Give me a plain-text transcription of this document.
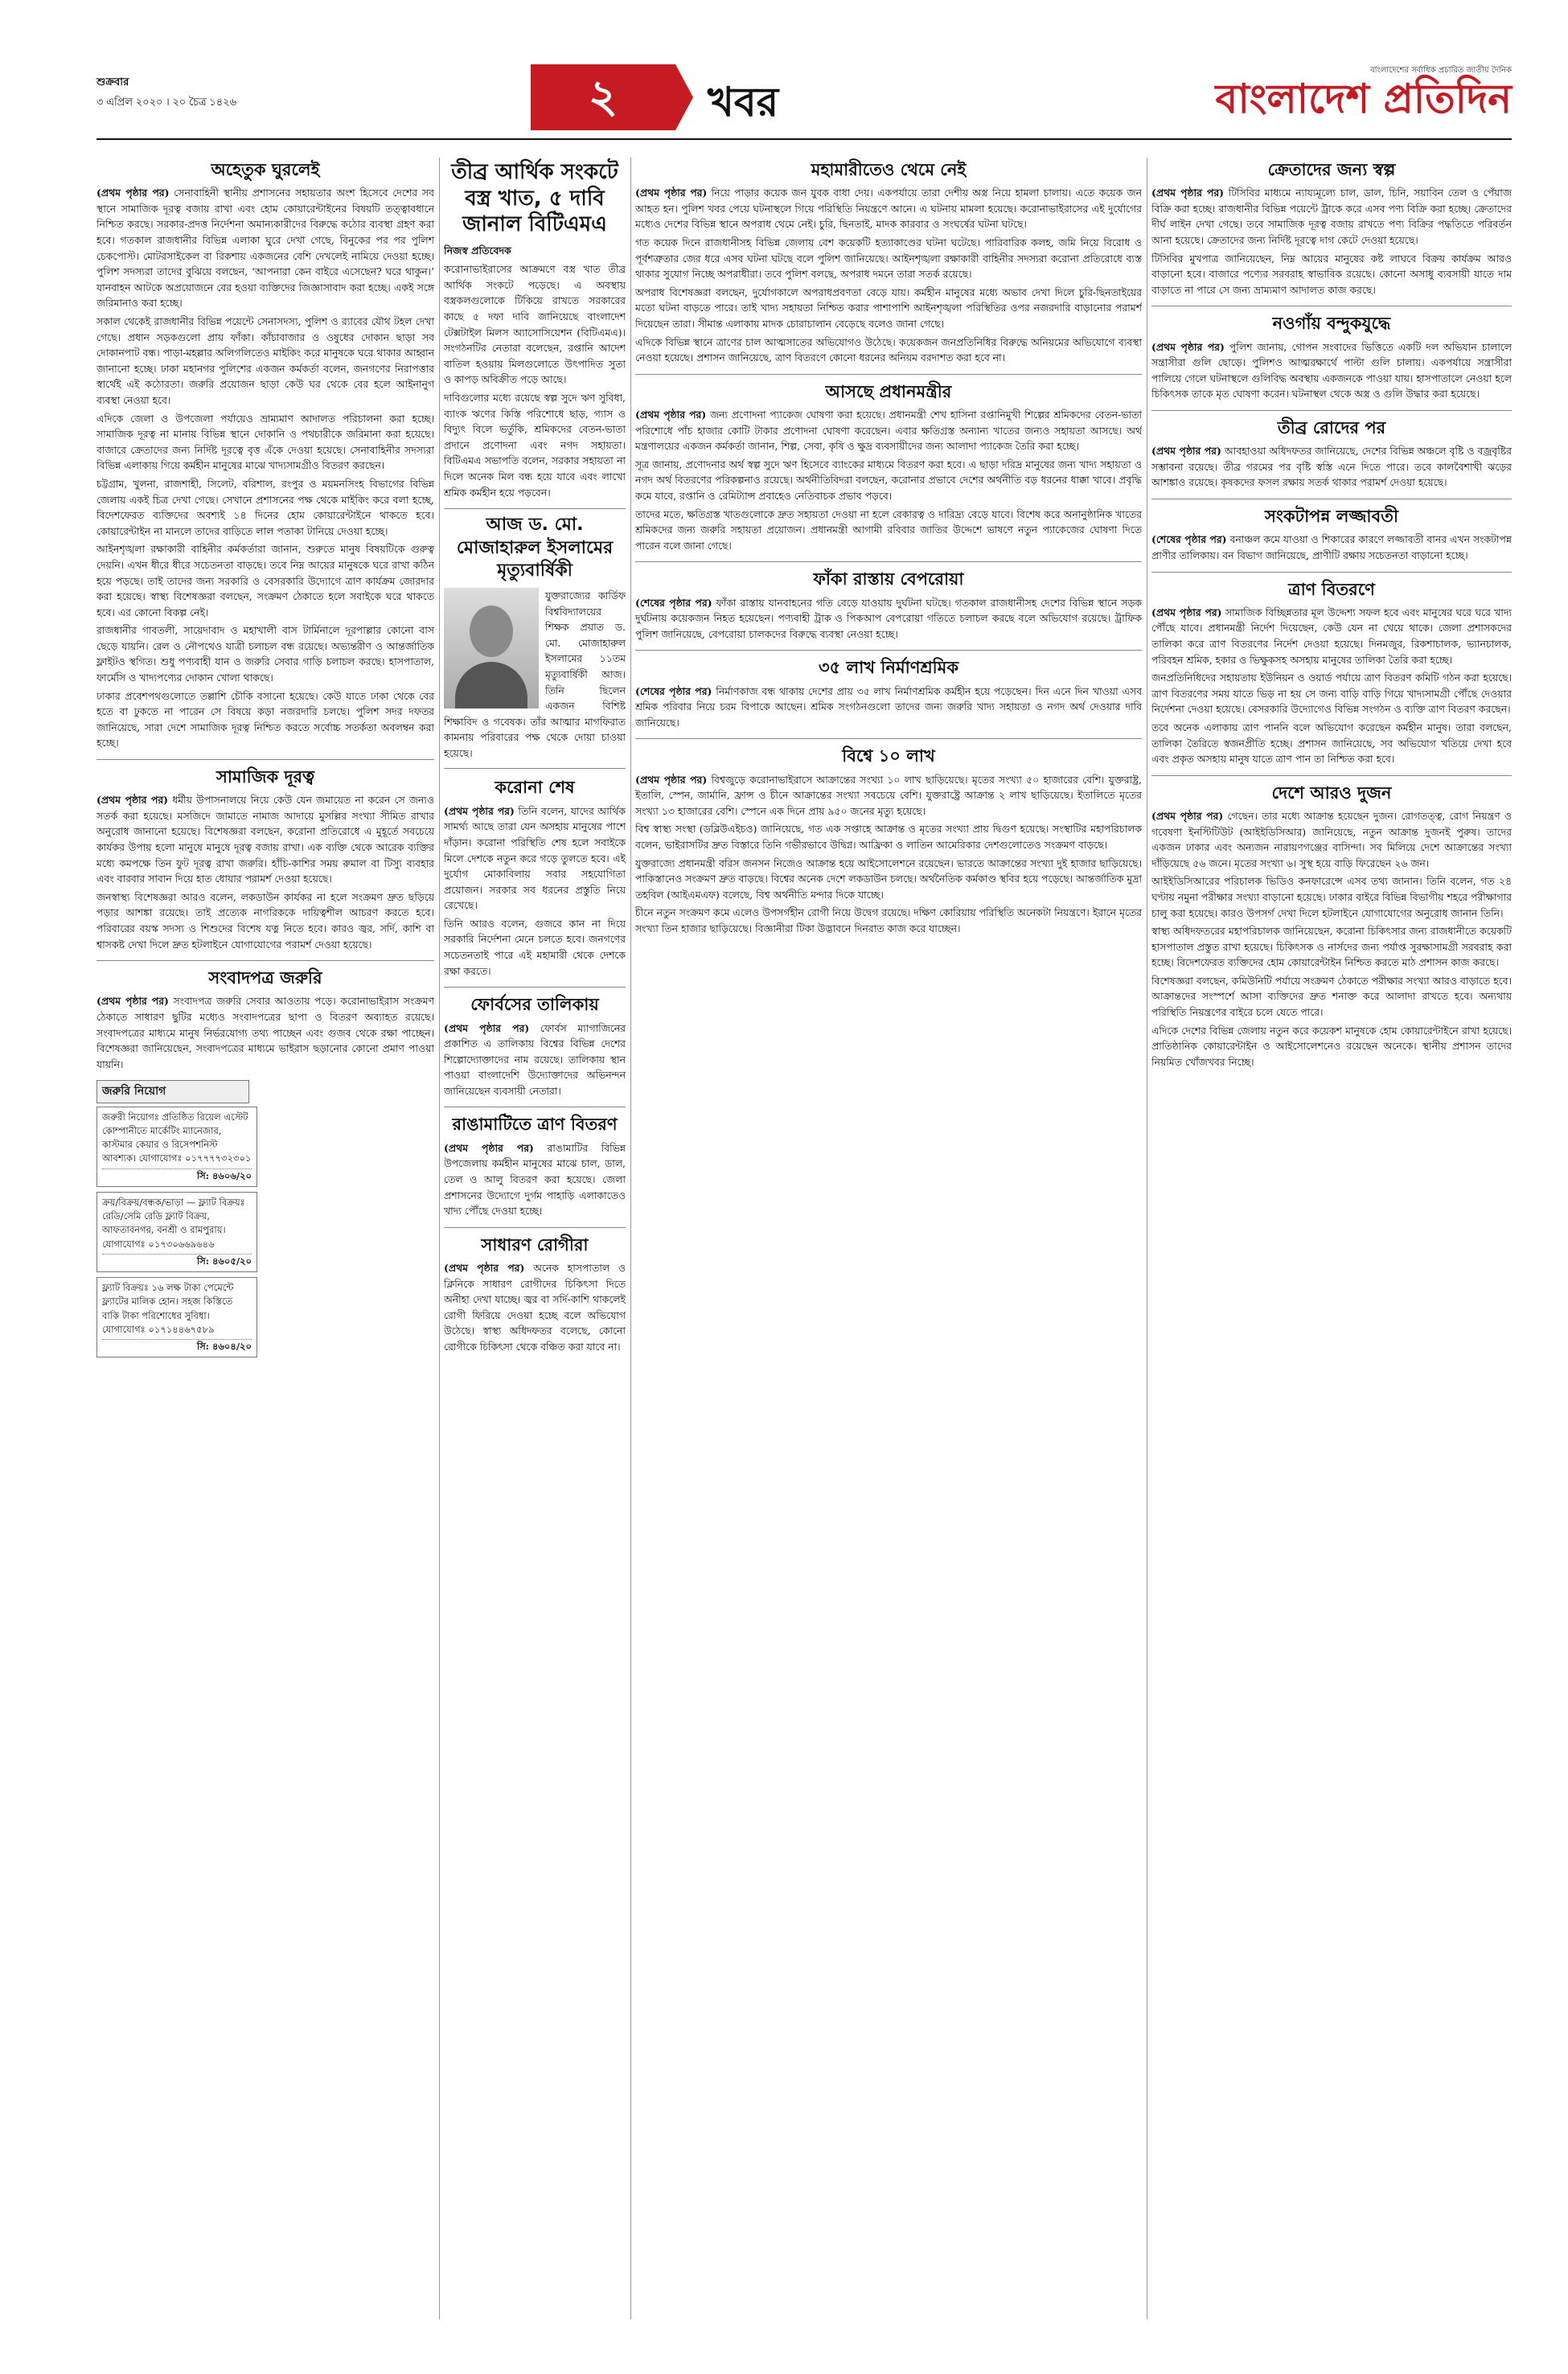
শুক্রবার
৩ এপ্রিল ২০২০ । ২০ চৈত্র ১৪২৬	২	খবর
বাংলাদেশের সর্বাধিক প্রচারিত জাতীয় দৈনিক
বাংলাদেশ প্রতিদিন
অহেতুক ঘুরলেই

(প্রথম পৃষ্ঠার পর) সেনাবাহিনী স্থানীয় প্রশাসনের সহায়তার অংশ হিসেবে দেশের সব স্থানে সামাজিক দূরত্ব বজায় রাখা এবং হোম কোয়ারেন্টাইনের বিষয়টি তত্ত্বাবধানে নিশ্চিত করছে। সরকার-প্রদত্ত নির্দেশনা অমান্যকারীদের বিরুদ্ধে কঠোর ব্যবস্থা গ্রহণ করা হবে। গতকাল রাজধানীর বিভিন্ন এলাকা ঘুরে দেখা গেছে, বিনুকের পর পর পুলিশ চেকপোস্ট। মোটরসাইকেল বা রিকশায় একজনের বেশি দেখলেই নামিয়ে দেওয়া হচ্ছে। পুলিশ সদস্যরা তাদের বুঝিয়ে বলছেন, ‘আপনারা কেন বাইরে এসেছেন? ঘরে থাকুন।’ যানবাহন আটকে অপ্রয়োজনে বের হওয়া ব্যক্তিদের জিজ্ঞাসাবাদ করা হচ্ছে। একই সঙ্গে জরিমানাও করা হচ্ছে।

সকাল থেকেই রাজধানীর বিভিন্ন পয়েন্টে সেনাসদস্য, পুলিশ ও র‌্যাবের যৌথ টহল দেখা গেছে। প্রধান সড়কগুলো প্রায় ফাঁকা। কাঁচাবাজার ও ওষুধের দোকান ছাড়া সব দোকানপাট বন্ধ। পাড়া-মহল্লার অলিগলিতেও মাইকিং করে মানুষকে ঘরে থাকার আহ্বান জানানো হচ্ছে। ঢাকা মহানগর পুলিশের একজন কর্মকর্তা বলেন, জনগণের নিরাপত্তার স্বার্থেই এই কঠোরতা। জরুরি প্রয়োজন ছাড়া কেউ ঘর থেকে বের হলে আইনানুগ ব্যবস্থা নেওয়া হবে।

এদিকে জেলা ও উপজেলা পর্যায়েও ভ্রাম্যমাণ আদালত পরিচালনা করা হচ্ছে। সামাজিক দূরত্ব না মানায় বিভিন্ন স্থানে দোকানি ও পথচারীকে জরিমানা করা হয়েছে। বাজারে ক্রেতাদের জন্য নির্দিষ্ট দূরত্বে বৃত্ত এঁকে দেওয়া হয়েছে। সেনাবাহিনীর সদস্যরা বিভিন্ন এলাকায় গিয়ে কর্মহীন মানুষের মাঝে খাদ্যসামগ্রীও বিতরণ করছেন।

চট্টগ্রাম, খুলনা, রাজশাহী, সিলেট, বরিশাল, রংপুর ও ময়মনসিংহ বিভাগের বিভিন্ন জেলায় একই চিত্র দেখা গেছে। সেখানে প্রশাসনের পক্ষ থেকে মাইকিং করে বলা হচ্ছে, বিদেশফেরত ব্যক্তিদের অবশ্যই ১৪ দিনের হোম কোয়ারেন্টাইনে থাকতে হবে। কোয়ারেন্টাইন না মানলে তাদের বাড়িতে লাল পতাকা টানিয়ে দেওয়া হচ্ছে।

আইনশৃঙ্খলা রক্ষাকারী বাহিনীর কর্মকর্তারা জানান, শুরুতে মানুষ বিষয়টিকে গুরুত্ব দেয়নি। এখন ধীরে ধীরে সচেতনতা বাড়ছে। তবে নিম্ন আয়ের মানুষকে ঘরে রাখা কঠিন হয়ে পড়ছে। তাই তাদের জন্য সরকারি ও বেসরকারি উদ্যোগে ত্রাণ কার্যক্রম জোরদার করা হয়েছে। স্বাস্থ্য বিশেষজ্ঞরা বলছেন, সংক্রমণ ঠেকাতে হলে সবাইকে ঘরে থাকতে হবে। এর কোনো বিকল্প নেই।

রাজধানীর গাবতলী, সায়েদাবাদ ও মহাখালী বাস টার্মিনালে দূরপাল্লার কোনো বাস ছেড়ে যায়নি। রেল ও নৌপথেও যাত্রী চলাচল বন্ধ রয়েছে। অভ্যন্তরীণ ও আন্তর্জাতিক ফ্লাইটও স্থগিত। শুধু পণ্যবাহী যান ও জরুরি সেবার গাড়ি চলাচল করছে। হাসপাতাল, ফার্মেসি ও খাদ্যপণ্যের দোকান খোলা থাকছে।

ঢাকার প্রবেশপথগুলোতে তল্লাশি চৌকি বসানো হয়েছে। কেউ যাতে ঢাকা থেকে বের হতে বা ঢুকতে না পারেন সে বিষয়ে কড়া নজরদারি চলছে। পুলিশ সদর দফতর জানিয়েছে, সারা দেশে সামাজিক দূরত্ব নিশ্চিত করতে সর্বোচ্চ সতর্কতা অবলম্বন করা হচ্ছে।

সামাজিক দূরত্ব

(প্রথম পৃষ্ঠার পর) ধর্মীয় উপাসনালয়ে নিয়ে কেউ যেন জমায়েত না করেন সে জন্যও সতর্ক করা হয়েছে। মসজিদে জামাতে নামাজ আদায়ে মুসল্লির সংখ্যা সীমিত রাখার অনুরোধ জানানো হয়েছে। বিশেষজ্ঞরা বলছেন, করোনা প্রতিরোধে এ মুহূর্তে সবচেয়ে কার্যকর উপায় হলো মানুষে মানুষে দূরত্ব বজায় রাখা। এক ব্যক্তি থেকে আরেক ব্যক্তির মধ্যে কমপক্ষে তিন ফুট দূরত্ব রাখা জরুরি। হাঁচি-কাশির সময় রুমাল বা টিস্যু ব্যবহার এবং বারবার সাবান দিয়ে হাত ধোয়ার পরামর্শ দেওয়া হয়েছে।

জনস্বাস্থ্য বিশেষজ্ঞরা আরও বলেন, লকডাউন কার্যকর না হলে সংক্রমণ দ্রুত ছড়িয়ে পড়ার আশঙ্কা রয়েছে। তাই প্রত্যেক নাগরিককে দায়িত্বশীল আচরণ করতে হবে। পরিবারের বয়স্ক সদস্য ও শিশুদের বিশেষ যত্ন নিতে হবে। কারও জ্বর, সর্দি, কাশি বা শ্বাসকষ্ট দেখা দিলে দ্রুত হটলাইনে যোগাযোগের পরামর্শ দেওয়া হয়েছে।

সংবাদপত্র জরুরি

(প্রথম পৃষ্ঠার পর) সংবাদপত্র জরুরি সেবার আওতায় পড়ে। করোনাভাইরাস সংক্রমণ ঠেকাতে সাধারণ ছুটির মধ্যেও সংবাদপত্রের ছাপা ও বিতরণ অব্যাহত রয়েছে। সংবাদপত্রের মাধ্যমে মানুষ নির্ভরযোগ্য তথ্য পাচ্ছেন এবং গুজব থেকে রক্ষা পাচ্ছেন। বিশেষজ্ঞরা জানিয়েছেন, সংবাদপত্রের মাধ্যমে ভাইরাস ছড়ানোর কোনো প্রমাণ পাওয়া যায়নি।

জরুরি নিয়োগ
জরুরী নিয়োগঃ প্রতিষ্ঠিত রিয়েল এস্টেট কোম্পানীতে মার্কেটিং ম্যানেজার, কাস্টমার কেয়ার ও রিসেপশনিস্ট আবশ্যক। যোগাযোগঃ ০১৭৭৭৭৩২৩০১
সি: ৪৬০৬/২০
ক্রয়/বিক্রয়/বন্ধক/ভাড়া — ফ্ল্যাট বিক্রয়ঃ রেডি/সেমি রেডি ফ্ল্যাট বিক্রয়, আফতাবনগর, বনশ্রী ও রামপুরায়। যোগাযোগঃ ০১৭৩০৬৬৯৬৪৬
সি: ৪৬০৫/২০
ফ্ল্যাট বিক্রয়ঃ ১৬ লক্ষ টাকা পেমেন্টে ফ্ল্যাটের মালিক হোন। সহজ কিস্তিতে বাকি টাকা পরিশোধের সুবিধা। যোগাযোগঃ ০১৭১৪৪৬৭৫৮৯
সি: ৪৬০৪/২০
তীব্র আর্থিক সংকটে বস্ত্র খাত, ৫ দাবি জানাল বিটিএমএ
নিজস্ব প্রতিবেদক

করোনাভাইরাসের আক্রমণে বস্ত্র খাত তীব্র আর্থিক সংকটে পড়েছে। এ অবস্থায় বস্ত্রকলগুলোকে টিকিয়ে রাখতে সরকারের কাছে ৫ দফা দাবি জানিয়েছে বাংলাদেশ টেক্সটাইল মিলস অ্যাসোসিয়েশন (বিটিএমএ)। সংগঠনটির নেতারা বলেছেন, রপ্তানি আদেশ বাতিল হওয়ায় মিলগুলোতে উৎপাদিত সুতা ও কাপড় অবিক্রীত পড়ে আছে।

দাবিগুলোর মধ্যে রয়েছে স্বল্প সুদে ঋণ সুবিধা, ব্যাংক ঋণের কিস্তি পরিশোধে ছাড়, গ্যাস ও বিদ্যুৎ বিলে ভর্তুকি, শ্রমিকদের বেতন-ভাতা প্রদানে প্রণোদনা এবং নগদ সহায়তা। বিটিএমএ সভাপতি বলেন, সরকার সহায়তা না দিলে অনেক মিল বন্ধ হয়ে যাবে এবং লাখো শ্রমিক কর্মহীন হয়ে পড়বেন।

আজ ড. মো. মোজাহারুল ইসলামের মৃত্যুবার্ষিকী

যুক্তরাজ্যের কার্ডিফ বিশ্ববিদ্যালয়ের শিক্ষক প্রয়াত ড. মো. মোজাহারুল ইসলামের ১১তম মৃত্যুবার্ষিকী আজ। তিনি ছিলেন একজন বিশিষ্ট শিক্ষাবিদ ও গবেষক। তাঁর আত্মার মাগফিরাত কামনায় পরিবারের পক্ষ থেকে দোয়া চাওয়া হয়েছে।

করোনা শেষ

(প্রথম পৃষ্ঠার পর) তিনি বলেন, যাদের আর্থিক সামর্থ্য আছে তারা যেন অসহায় মানুষের পাশে দাঁড়ান। করোনা পরিস্থিতি শেষ হলে সবাইকে মিলে দেশকে নতুন করে গড়ে তুলতে হবে। এই দুর্যোগ মোকাবিলায় সবার সহযোগিতা প্রয়োজন। সরকার সব ধরনের প্রস্তুতি নিয়ে রেখেছে।

তিনি আরও বলেন, গুজবে কান না দিয়ে সরকারি নির্দেশনা মেনে চলতে হবে। জনগণের সচেতনতাই পারে এই মহামারী থেকে দেশকে রক্ষা করতে।

ফোর্বসের তালিকায়

(প্রথম পৃষ্ঠার পর) ফোর্বস ম্যাগাজিনের প্রকাশিত এ তালিকায় বিশ্বের বিভিন্ন দেশের শিল্পোদ্যোক্তাদের নাম রয়েছে। তালিকায় স্থান পাওয়া বাংলাদেশি উদ্যোক্তাদের অভিনন্দন জানিয়েছেন ব্যবসায়ী নেতারা।

রাঙামাটিতে ত্রাণ বিতরণ

(প্রথম পৃষ্ঠার পর) রাঙামাটির বিভিন্ন উপজেলায় কর্মহীন মানুষের মাঝে চাল, ডাল, তেল ও আলু বিতরণ করা হয়েছে। জেলা প্রশাসনের উদ্যোগে দুর্গম পাহাড়ি এলাকাতেও খাদ্য পৌঁছে দেওয়া হচ্ছে।

সাধারণ রোগীরা

(প্রথম পৃষ্ঠার পর) অনেক হাসপাতাল ও ক্লিনিকে সাধারণ রোগীদের চিকিৎসা দিতে অনীহা দেখা যাচ্ছে। জ্বর বা সর্দি-কাশি থাকলেই রোগী ফিরিয়ে দেওয়া হচ্ছে বলে অভিযোগ উঠেছে। স্বাস্থ্য অধিদফতর বলেছে, কোনো রোগীকে চিকিৎসা থেকে বঞ্চিত করা যাবে না।

মহামারীতেও থেমে নেই

(প্রথম পৃষ্ঠার পর) নিয়ে পাড়ার কয়েক জন যুবক বাধা দেয়। একপর্যায়ে তারা দেশীয় অস্ত্র নিয়ে হামলা চালায়। এতে কয়েক জন আহত হন। পুলিশ খবর পেয়ে ঘটনাস্থলে গিয়ে পরিস্থিতি নিয়ন্ত্রণে আনে। এ ঘটনায় মামলা হয়েছে। করোনাভাইরাসের এই দুর্যোগের মধ্যেও দেশের বিভিন্ন স্থানে অপরাধ থেমে নেই। চুরি, ছিনতাই, মাদক কারবার ও সংঘর্ষের ঘটনা ঘটছে।

গত কয়েক দিনে রাজধানীসহ বিভিন্ন জেলায় বেশ কয়েকটি হত্যাকাণ্ডের ঘটনা ঘটেছে। পারিবারিক কলহ, জমি নিয়ে বিরোধ ও পূর্বশত্রুতার জের ধরে এসব ঘটনা ঘটছে বলে পুলিশ জানিয়েছে। আইনশৃঙ্খলা রক্ষাকারী বাহিনীর সদস্যরা করোনা প্রতিরোধে ব্যস্ত থাকার সুযোগ নিচ্ছে অপরাধীরা। তবে পুলিশ বলছে, অপরাধ দমনে তারা সতর্ক রয়েছে।

অপরাধ বিশেষজ্ঞরা বলছেন, দুর্যোগকালে অপরাধপ্রবণতা বেড়ে যায়। কর্মহীন মানুষের মধ্যে অভাব দেখা দিলে চুরি-ছিনতাইয়ের মতো ঘটনা বাড়তে পারে। তাই খাদ্য সহায়তা নিশ্চিত করার পাশাপাশি আইনশৃঙ্খলা পরিস্থিতির ওপর নজরদারি বাড়ানোর পরামর্শ দিয়েছেন তারা। সীমান্ত এলাকায় মাদক চোরাচালান বেড়েছে বলেও জানা গেছে।

এদিকে বিভিন্ন স্থানে ত্রাণের চাল আত্মসাতের অভিযোগও উঠেছে। কয়েকজন জনপ্রতিনিধির বিরুদ্ধে অনিয়মের অভিযোগে ব্যবস্থা নেওয়া হয়েছে। প্রশাসন জানিয়েছে, ত্রাণ বিতরণে কোনো ধরনের অনিয়ম বরদাশত করা হবে না।

আসছে প্রধানমন্ত্রীর

(প্রথম পৃষ্ঠার পর) জন্য প্রণোদনা প্যাকেজ ঘোষণা করা হয়েছে। প্রধানমন্ত্রী শেখ হাসিনা রপ্তানিমুখী শিল্পের শ্রমিকদের বেতন-ভাতা পরিশোধে পাঁচ হাজার কোটি টাকার প্রণোদনা ঘোষণা করেছেন। এবার ক্ষতিগ্রস্ত অন্যান্য খাতের জন্যও সহায়তা আসছে। অর্থ মন্ত্রণালয়ের একজন কর্মকর্তা জানান, শিল্প, সেবা, কৃষি ও ক্ষুদ্র ব্যবসায়ীদের জন্য আলাদা প্যাকেজ তৈরি করা হচ্ছে।

সূত্র জানায়, প্রণোদনার অর্থ স্বল্প সুদে ঋণ হিসেবে ব্যাংকের মাধ্যমে বিতরণ করা হবে। এ ছাড়া দরিদ্র মানুষের জন্য খাদ্য সহায়তা ও নগদ অর্থ বিতরণের পরিকল্পনাও রয়েছে। অর্থনীতিবিদরা বলছেন, করোনার প্রভাবে দেশের অর্থনীতি বড় ধরনের ধাক্কা খাবে। প্রবৃদ্ধি কমে যাবে, রপ্তানি ও রেমিট্যান্স প্রবাহেও নেতিবাচক প্রভাব পড়বে।

তাদের মতে, ক্ষতিগ্রস্ত খাতগুলোকে দ্রুত সহায়তা দেওয়া না হলে বেকারত্ব ও দারিদ্র্য বেড়ে যাবে। বিশেষ করে অনানুষ্ঠানিক খাতের শ্রমিকদের জন্য জরুরি সহায়তা প্রয়োজন। প্রধানমন্ত্রী আগামী রবিবার জাতির উদ্দেশে ভাষণে নতুন প্যাকেজের ঘোষণা দিতে পারেন বলে জানা গেছে।

ফাঁকা রাস্তায় বেপরোয়া

(শেষের পৃষ্ঠার পর) ফাঁকা রাস্তায় যানবাহনের গতি বেড়ে যাওয়ায় দুর্ঘটনা ঘটছে। গতকাল রাজধানীসহ দেশের বিভিন্ন স্থানে সড়ক দুর্ঘটনায় কয়েকজন নিহত হয়েছেন। পণ্যবাহী ট্রাক ও পিকআপ বেপরোয়া গতিতে চলাচল করছে বলে অভিযোগ রয়েছে। ট্রাফিক পুলিশ জানিয়েছে, বেপরোয়া চালকদের বিরুদ্ধে ব্যবস্থা নেওয়া হচ্ছে।

৩৫ লাখ নির্মাণশ্রমিক

(শেষের পৃষ্ঠার পর) নির্মাণকাজ বন্ধ থাকায় দেশের প্রায় ৩৫ লাখ নির্মাণশ্রমিক কর্মহীন হয়ে পড়েছেন। দিন এনে দিন খাওয়া এসব শ্রমিক পরিবার নিয়ে চরম বিপাকে আছেন। শ্রমিক সংগঠনগুলো তাদের জন্য জরুরি খাদ্য সহায়তা ও নগদ অর্থ দেওয়ার দাবি জানিয়েছে।

বিশ্বে ১০ লাখ

(প্রথম পৃষ্ঠার পর) বিশ্বজুড়ে করোনাভাইরাসে আক্রান্তের সংখ্যা ১০ লাখ ছাড়িয়েছে। মৃতের সংখ্যা ৫০ হাজারের বেশি। যুক্তরাষ্ট্র, ইতালি, স্পেন, জার্মানি, ফ্রান্স ও চীনে আক্রান্তের সংখ্যা সবচেয়ে বেশি। যুক্তরাষ্ট্রে আক্রান্ত ২ লাখ ছাড়িয়েছে। ইতালিতে মৃতের সংখ্যা ১৩ হাজারের বেশি। স্পেনে এক দিনে প্রায় ৯৫০ জনের মৃত্যু হয়েছে।

বিশ্ব স্বাস্থ্য সংস্থা (ডব্লিউএইচও) জানিয়েছে, গত এক সপ্তাহে আক্রান্ত ও মৃতের সংখ্যা প্রায় দ্বিগুণ হয়েছে। সংস্থাটির মহাপরিচালক বলেন, ভাইরাসটির দ্রুত বিস্তারে তিনি গভীরভাবে উদ্বিগ্ন। আফ্রিকা ও লাতিন আমেরিকার দেশগুলোতেও সংক্রমণ বাড়ছে।

যুক্তরাজ্যে প্রধানমন্ত্রী বরিস জনসন নিজেও আক্রান্ত হয়ে আইসোলেশনে রয়েছেন। ভারতে আক্রান্তের সংখ্যা দুই হাজার ছাড়িয়েছে। পাকিস্তানেও সংক্রমণ দ্রুত বাড়ছে। বিশ্বের অনেক দেশে লকডাউন চলছে। অর্থনৈতিক কর্মকাণ্ড স্থবির হয়ে পড়েছে। আন্তর্জাতিক মুদ্রা তহবিল (আইএমএফ) বলেছে, বিশ্ব অর্থনীতি মন্দার দিকে যাচ্ছে।

চীনে নতুন সংক্রমণ কমে এলেও উপসর্গহীন রোগী নিয়ে উদ্বেগ রয়েছে। দক্ষিণ কোরিয়ায় পরিস্থিতি অনেকটা নিয়ন্ত্রণে। ইরানে মৃতের সংখ্যা তিন হাজার ছাড়িয়েছে। বিজ্ঞানীরা টিকা উদ্ভাবনে দিনরাত কাজ করে যাচ্ছেন।

ক্রেতাদের জন্য স্বল্প

(প্রথম পৃষ্ঠার পর) টিসিবির মাধ্যমে ন্যায্যমূল্যে চাল, ডাল, চিনি, সয়াবিন তেল ও পেঁয়াজ বিক্রি করা হচ্ছে। রাজধানীর বিভিন্ন পয়েন্টে ট্রাকে করে এসব পণ্য বিক্রি করা হচ্ছে। ক্রেতাদের দীর্ঘ লাইন দেখা গেছে। তবে সামাজিক দূরত্ব বজায় রাখতে পণ্য বিক্রির পদ্ধতিতে পরিবর্তন আনা হয়েছে। ক্রেতাদের জন্য নির্দিষ্ট দূরত্বে দাগ কেটে দেওয়া হয়েছে।

টিসিবির মুখপাত্র জানিয়েছেন, নিম্ন আয়ের মানুষের কষ্ট লাঘবে বিক্রয় কার্যক্রম আরও বাড়ানো হবে। বাজারে পণ্যের সরবরাহ স্বাভাবিক রয়েছে। কোনো অসাধু ব্যবসায়ী যাতে দাম বাড়াতে না পারে সে জন্য ভ্রাম্যমাণ আদালত কাজ করছে।

নওগাঁয় বন্দুকযুদ্ধে

(প্রথম পৃষ্ঠার পর) পুলিশ জানায়, গোপন সংবাদের ভিত্তিতে একটি দল অভিযান চালালে সন্ত্রাসীরা গুলি ছোড়ে। পুলিশও আত্মরক্ষার্থে পাল্টা গুলি চালায়। একপর্যায়ে সন্ত্রাসীরা পালিয়ে গেলে ঘটনাস্থলে গুলিবিদ্ধ অবস্থায় একজনকে পাওয়া যায়। হাসপাতালে নেওয়া হলে চিকিৎসক তাকে মৃত ঘোষণা করেন। ঘটনাস্থল থেকে অস্ত্র ও গুলি উদ্ধার করা হয়েছে।

তীব্র রোদের পর

(প্রথম পৃষ্ঠার পর) আবহাওয়া অধিদফতর জানিয়েছে, দেশের বিভিন্ন অঞ্চলে বৃষ্টি ও বজ্রবৃষ্টির সম্ভাবনা রয়েছে। তীব্র গরমের পর বৃষ্টি স্বস্তি এনে দিতে পারে। তবে কালবৈশাখী ঝড়ের আশঙ্কাও রয়েছে। কৃষকদের ফসল রক্ষায় সতর্ক থাকার পরামর্শ দেওয়া হয়েছে।

সংকটাপন্ন লজ্জাবতী

(শেষের পৃষ্ঠার পর) বনাঞ্চল কমে যাওয়া ও শিকারের কারণে লজ্জাবতী বানর এখন সংকটাপন্ন প্রাণীর তালিকায়। বন বিভাগ জানিয়েছে, প্রাণীটি রক্ষায় সচেতনতা বাড়ানো হচ্ছে।

ত্রাণ বিতরণে

(প্রথম পৃষ্ঠার পর) সামাজিক বিচ্ছিন্নতার মূল উদ্দেশ্য সফল হবে এবং মানুষের ঘরে ঘরে খাদ্য পৌঁছে যাবে। প্রধানমন্ত্রী নির্দেশ দিয়েছেন, কেউ যেন না খেয়ে থাকে। জেলা প্রশাসকদের তালিকা করে ত্রাণ বিতরণের নির্দেশ দেওয়া হয়েছে। দিনমজুর, রিকশাচালক, ভ্যানচালক, পরিবহন শ্রমিক, হকার ও ভিক্ষুকসহ অসহায় মানুষের তালিকা তৈরি করা হচ্ছে।

জনপ্রতিনিধিদের সহায়তায় ইউনিয়ন ও ওয়ার্ড পর্যায়ে ত্রাণ বিতরণ কমিটি গঠন করা হয়েছে। ত্রাণ বিতরণের সময় যাতে ভিড় না হয় সে জন্য বাড়ি বাড়ি গিয়ে খাদ্যসামগ্রী পৌঁছে দেওয়ার নির্দেশনা দেওয়া হয়েছে। বেসরকারি উদ্যোগেও বিভিন্ন সংগঠন ও ব্যক্তি ত্রাণ বিতরণ করছেন।

তবে অনেক এলাকায় ত্রাণ পাননি বলে অভিযোগ করেছেন কর্মহীন মানুষ। তারা বলছেন, তালিকা তৈরিতে স্বজনপ্রীতি হচ্ছে। প্রশাসন জানিয়েছে, সব অভিযোগ খতিয়ে দেখা হবে এবং প্রকৃত অসহায় মানুষ যাতে ত্রাণ পান তা নিশ্চিত করা হবে।

দেশে আরও দুজন

(প্রথম পৃষ্ঠার পর) গেছেন। তার মধ্যে আক্রান্ত হয়েছেন দুজন। রোগতত্ত্ব, রোগ নিয়ন্ত্রণ ও গবেষণা ইনস্টিটিউট (আইইডিসিআর) জানিয়েছে, নতুন আক্রান্ত দুজনই পুরুষ। তাদের একজন ঢাকার এবং অন্যজন নারায়ণগঞ্জের বাসিন্দা। সব মিলিয়ে দেশে আক্রান্তের সংখ্যা দাঁড়িয়েছে ৫৬ জনে। মৃতের সংখ্যা ৬। সুস্থ হয়ে বাড়ি ফিরেছেন ২৬ জন।

আইইডিসিআরের পরিচালক ভিডিও কনফারেন্সে এসব তথ্য জানান। তিনি বলেন, গত ২৪ ঘণ্টায় নমুনা পরীক্ষার সংখ্যা বাড়ানো হয়েছে। ঢাকার বাইরে বিভিন্ন বিভাগীয় শহরে পরীক্ষাগার চালু করা হয়েছে। কারও উপসর্গ দেখা দিলে হটলাইনে যোগাযোগের অনুরোধ জানান তিনি।

স্বাস্থ্য অধিদফতরের মহাপরিচালক জানিয়েছেন, করোনা চিকিৎসার জন্য রাজধানীতে কয়েকটি হাসপাতাল প্রস্তুত রাখা হয়েছে। চিকিৎসক ও নার্সদের জন্য পর্যাপ্ত সুরক্ষাসামগ্রী সরবরাহ করা হচ্ছে। বিদেশফেরত ব্যক্তিদের হোম কোয়ারেন্টাইন নিশ্চিত করতে মাঠ প্রশাসন কাজ করছে।

বিশেষজ্ঞরা বলছেন, কমিউনিটি পর্যায়ে সংক্রমণ ঠেকাতে পরীক্ষার সংখ্যা আরও বাড়াতে হবে। আক্রান্তদের সংস্পর্শে আসা ব্যক্তিদের দ্রুত শনাক্ত করে আলাদা রাখতে হবে। অন্যথায় পরিস্থিতি নিয়ন্ত্রণের বাইরে চলে যেতে পারে।

এদিকে দেশের বিভিন্ন জেলায় নতুন করে কয়েকশ মানুষকে হোম কোয়ারেন্টাইনে রাখা হয়েছে। প্রাতিষ্ঠানিক কোয়ারেন্টাইন ও আইসোলেশনেও রয়েছেন অনেকে। স্থানীয় প্রশাসন তাদের নিয়মিত খোঁজখবর নিচ্ছে।
